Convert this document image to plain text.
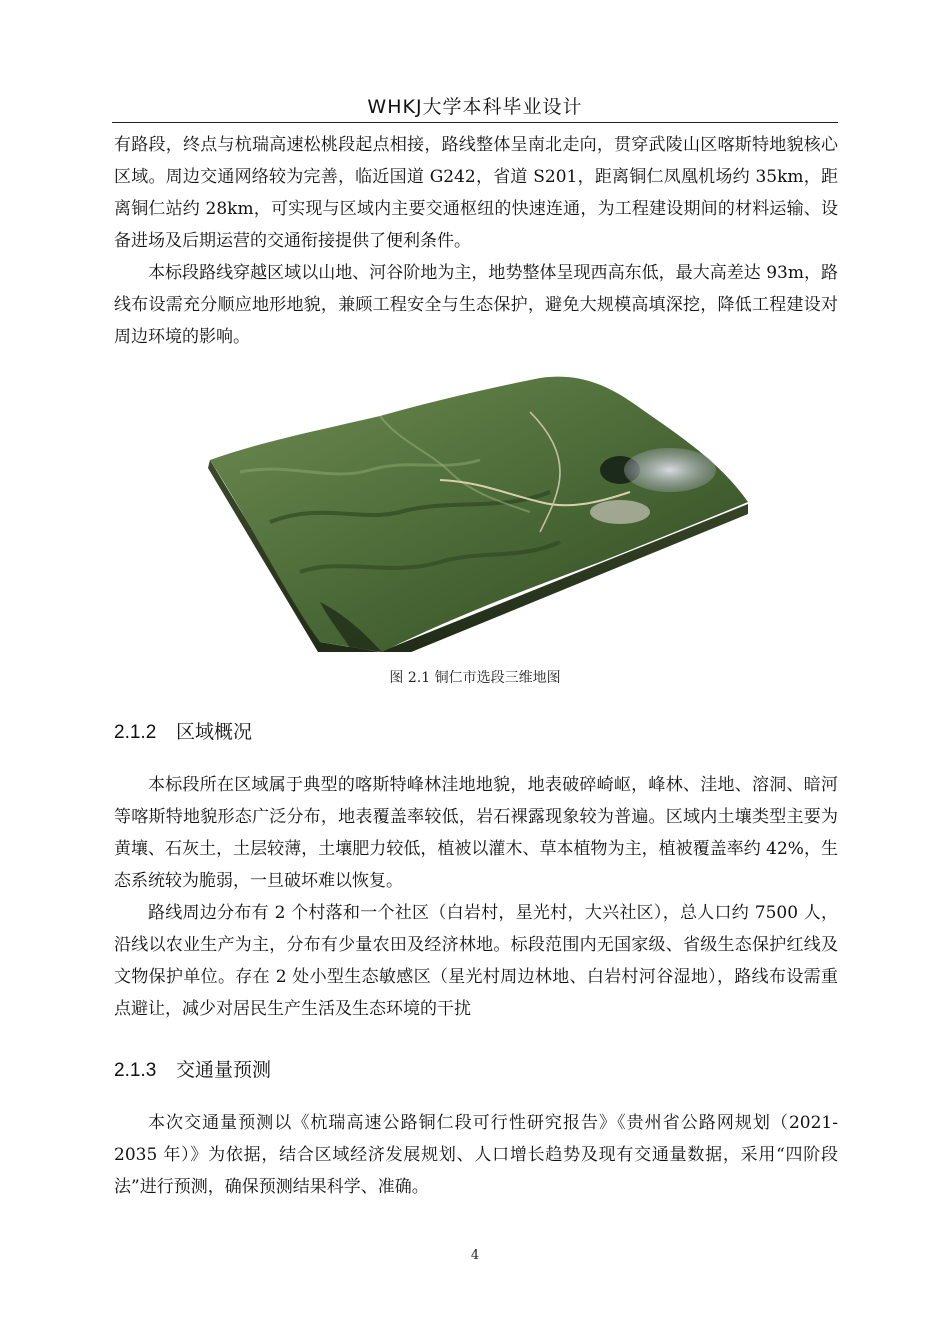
WHKJ大学本科毕业设计

有路段，终点与杭瑞高速松桃段起点相接，路线整体呈南北走向，贯穿武陵山区喀斯特地貌核心区域。周边交通网络较为完善，临近国道 G242，省道 S201，距离铜仁凤凰机场约 35km，距离铜仁站约 28km，可实现与区域内主要交通枢纽的快速连通，为工程建设期间的材料运输、设备进场及后期运营的交通衔接提供了便利条件。

本标段路线穿越区域以山地、河谷阶地为主，地势整体呈现西高东低，最大高差达 93m，路线布设需充分顺应地形地貌，兼顾工程安全与生态保护，避免大规模高填深挖，降低工程建设对周边环境的影响。

图 2.1 铜仁市选段三维地图
2.1.2 区域概况

本标段所在区域属于典型的喀斯特峰林洼地地貌，地表破碎崎岖，峰林、洼地、溶洞、暗河等喀斯特地貌形态广泛分布，地表覆盖率较低，岩石裸露现象较为普遍。区域内土壤类型主要为黄壤、石灰土，土层较薄，土壤肥力较低，植被以灌木、草本植物为主，植被覆盖率约 42%，生态系统较为脆弱，一旦破坏难以恢复。

路线周边分布有 2 个村落和一个社区（白岩村，星光村，大兴社区），总人口约 7500 人，沿线以农业生产为主，分布有少量农田及经济林地。标段范围内无国家级、省级生态保护红线及文物保护单位。存在 2 处小型生态敏感区（星光村周边林地、白岩村河谷湿地），路线布设需重点避让，减少对居民生产生活及生态环境的干扰

2.1.3 交通量预测

本次交通量预测以《杭瑞高速公路铜仁段可行性研究报告》《贵州省公路网规划（2021-2035 年）》为依据，结合区域经济发展规划、人口增长趋势及现有交通量数据，采用“四阶段法”进行预测，确保预测结果科学、准确。

4
